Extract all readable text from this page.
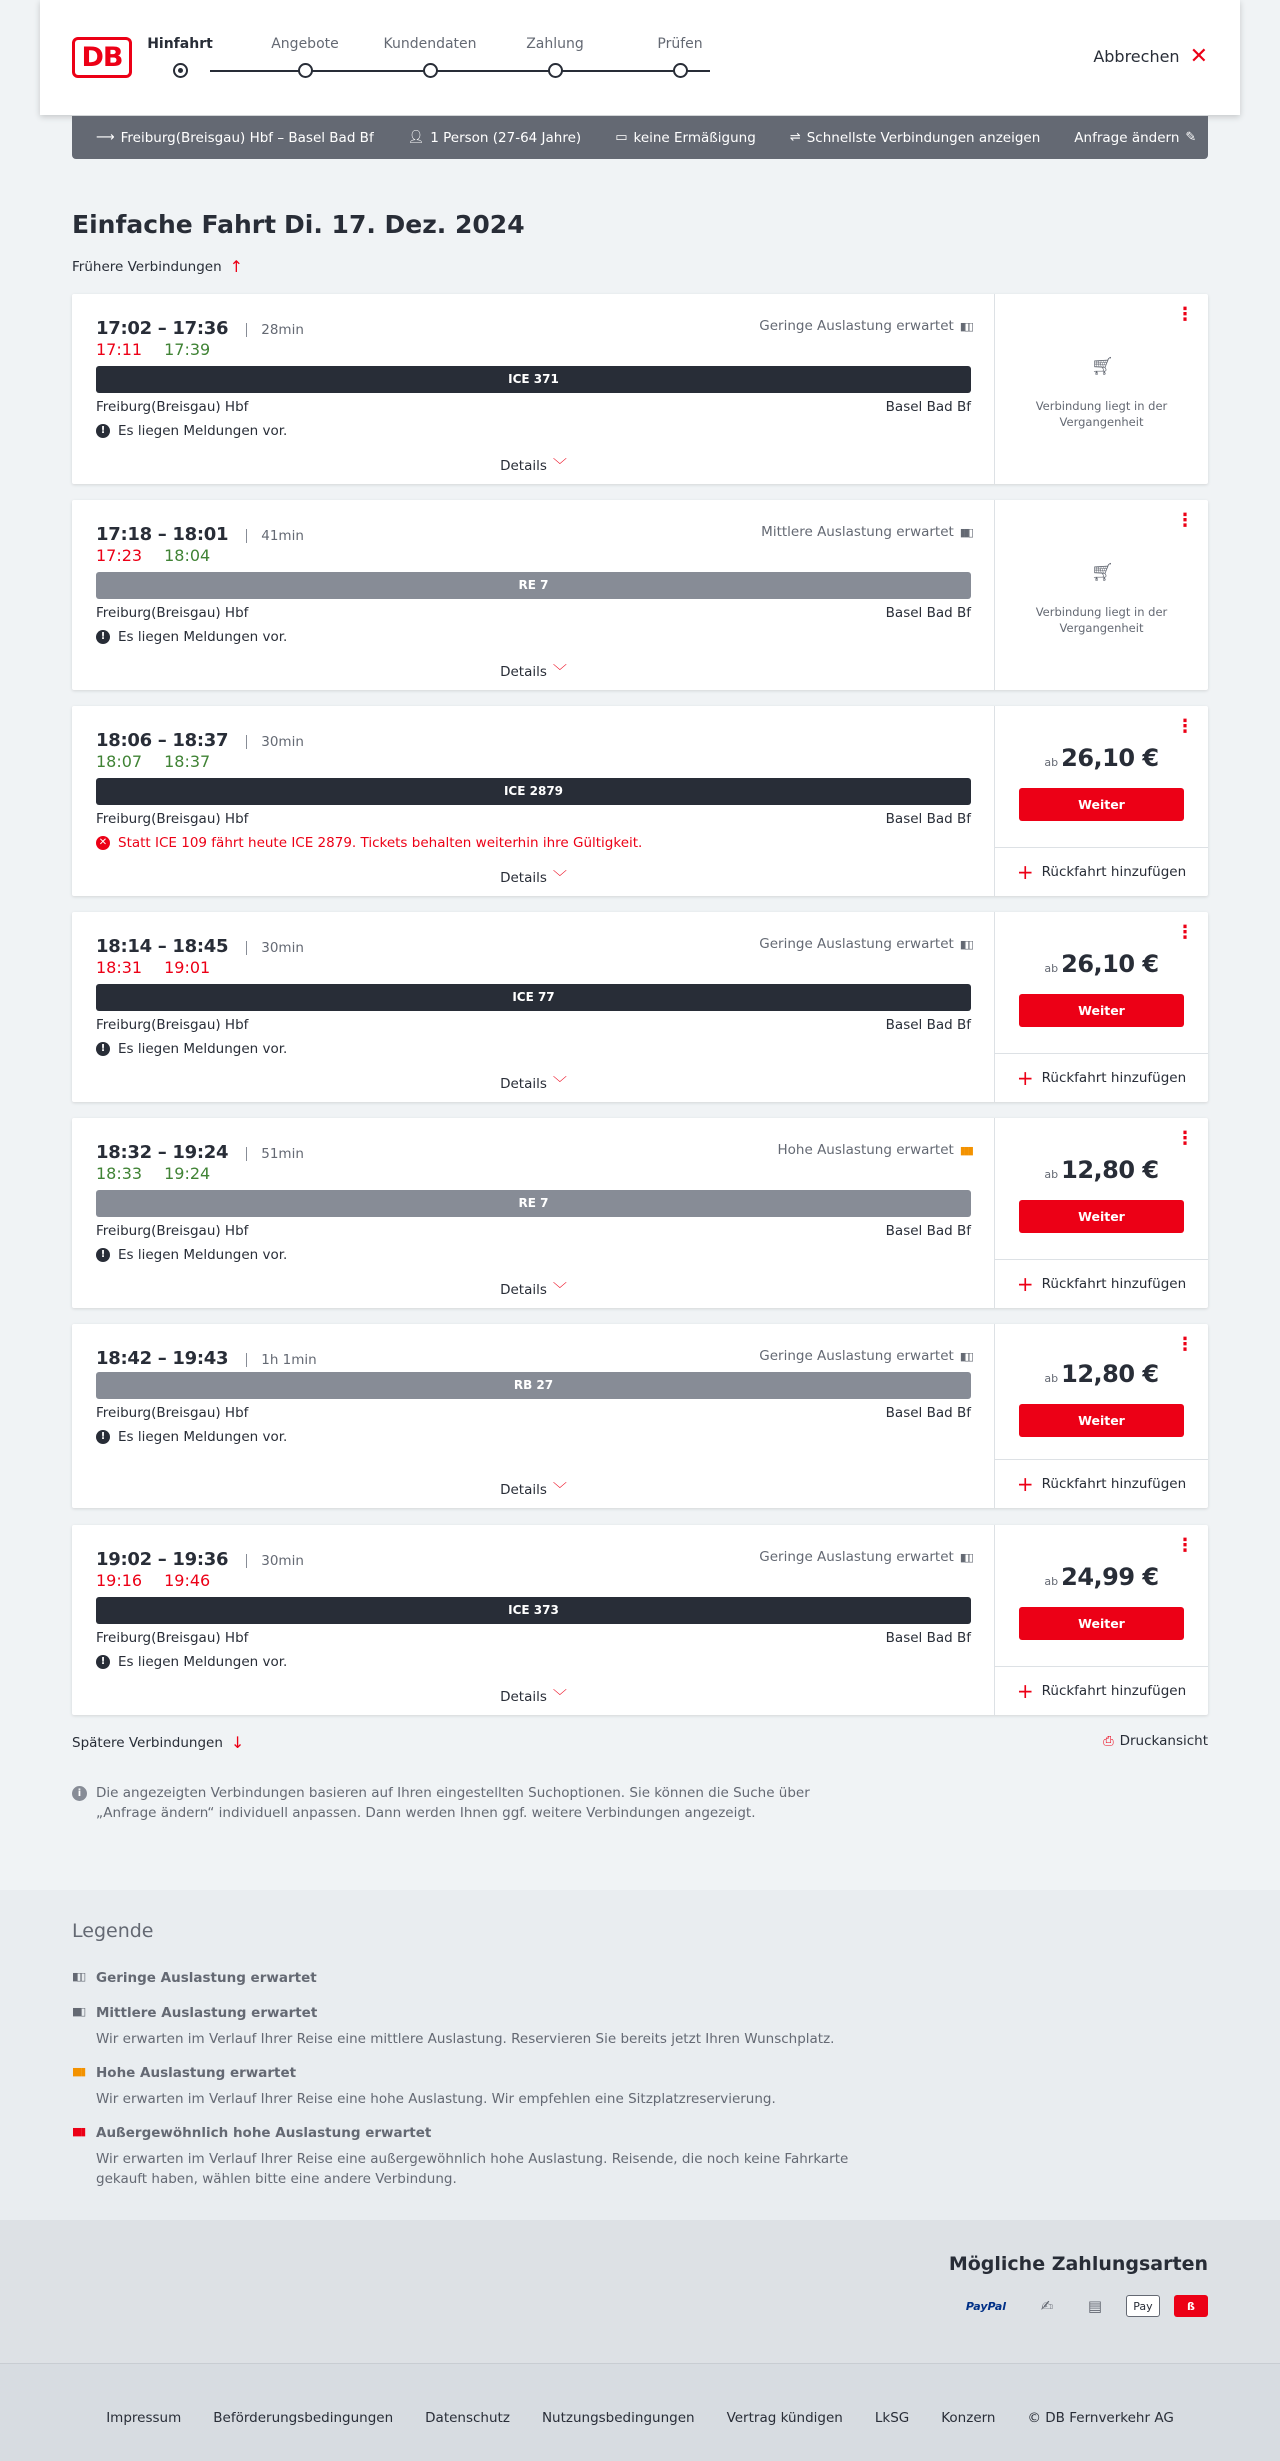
DB	Hinfahrt	Angebote	Kundendaten	Zahlung	Prüfen
Abbrechen ✕
⟶ Freiburg(Breisgau) Hbf – Basel Bad Bf	👤︎ 1 Person (27-64 Jahre)	▭ keine Ermäßigung	⇌ Schnellste Verbindungen anzeigen	Anfrage ändern ✎
Einfache Fahrt Di. 17. Dez. 2024
Frühere Verbindungen ↑
17:02 – 17:36	28min
17:11 17:39
Geringe Auslastung erwartet ▮▯▯
ICE 371
Freiburg(Breisgau) Hbf	Basel Bad Bf
! Es liegen Meldungen vor.
Details ﹀
⋮
🛒︎
Verbindung liegt in der Vergangenheit
17:18 – 18:01	41min
17:23 18:04
Mittlere Auslastung erwartet ▮▮▯
RE 7
Freiburg(Breisgau) Hbf	Basel Bad Bf
! Es liegen Meldungen vor.
Details ﹀
⋮
🛒︎
Verbindung liegt in der Vergangenheit
18:06 – 18:37	30min
18:07 18:37
ICE 2879
Freiburg(Breisgau) Hbf	Basel Bad Bf
✕ Statt ICE 109 fährt heute ICE 2879. Tickets behalten weiterhin ihre Gültigkeit.
Details ﹀
⋮
ab 26,10 €
Weiter
+ Rückfahrt hinzufügen
18:14 – 18:45	30min
18:31 19:01
Geringe Auslastung erwartet ▮▯▯
ICE 77
Freiburg(Breisgau) Hbf	Basel Bad Bf
! Es liegen Meldungen vor.
Details ﹀
⋮
ab 26,10 €
Weiter
+ Rückfahrt hinzufügen
18:32 – 19:24	51min
18:33 19:24
Hohe Auslastung erwartet ▮▮▮
RE 7
Freiburg(Breisgau) Hbf	Basel Bad Bf
! Es liegen Meldungen vor.
Details ﹀
⋮
ab 12,80 €
Weiter
+ Rückfahrt hinzufügen
18:42 – 19:43	1h 1min	Geringe Auslastung erwartet ▮▯▯
RB 27
Freiburg(Breisgau) Hbf	Basel Bad Bf
! Es liegen Meldungen vor.
Details ﹀
⋮
ab 12,80 €
Weiter
+ Rückfahrt hinzufügen
19:02 – 19:36	30min
19:16 19:46
Geringe Auslastung erwartet ▮▯▯
ICE 373
Freiburg(Breisgau) Hbf	Basel Bad Bf
! Es liegen Meldungen vor.
Details ﹀
⋮
ab 24,99 €
Weiter
+ Rückfahrt hinzufügen
Spätere Verbindungen ↓	⎙ Druckansicht
i	Die angezeigten Verbindungen basieren auf Ihren eingestellten Suchoptionen. Sie können die Suche über „Anfrage ändern“ individuell anpassen. Dann werden Ihnen ggf. weitere Verbindungen angezeigt.
Legende
▮▯▯ Geringe Auslastung erwartet
▮▮▯ Mittlere Auslastung erwartet
Wir erwarten im Verlauf Ihrer Reise eine mittlere Auslastung. Reservieren Sie bereits jetzt Ihren Wunschplatz.
▮▮▮ Hohe Auslastung erwartet
Wir erwarten im Verlauf Ihrer Reise eine hohe Auslastung. Wir empfehlen eine Sitzplatzreservierung.
▮▮▮ Außergewöhnlich hohe Auslastung erwartet
Wir erwarten im Verlauf Ihrer Reise eine außergewöhnlich hohe Auslastung. Reisende, die noch keine Fahrkarte gekauft haben, wählen bitte eine andere Verbindung.
Mögliche Zahlungsarten
PayPal	✍︎	▤	Pay	ß
Impressum Beförderungsbedingungen Datenschutz Nutzungsbedingungen Vertrag kündigen LkSG Konzern © DB Fernverkehr AG
